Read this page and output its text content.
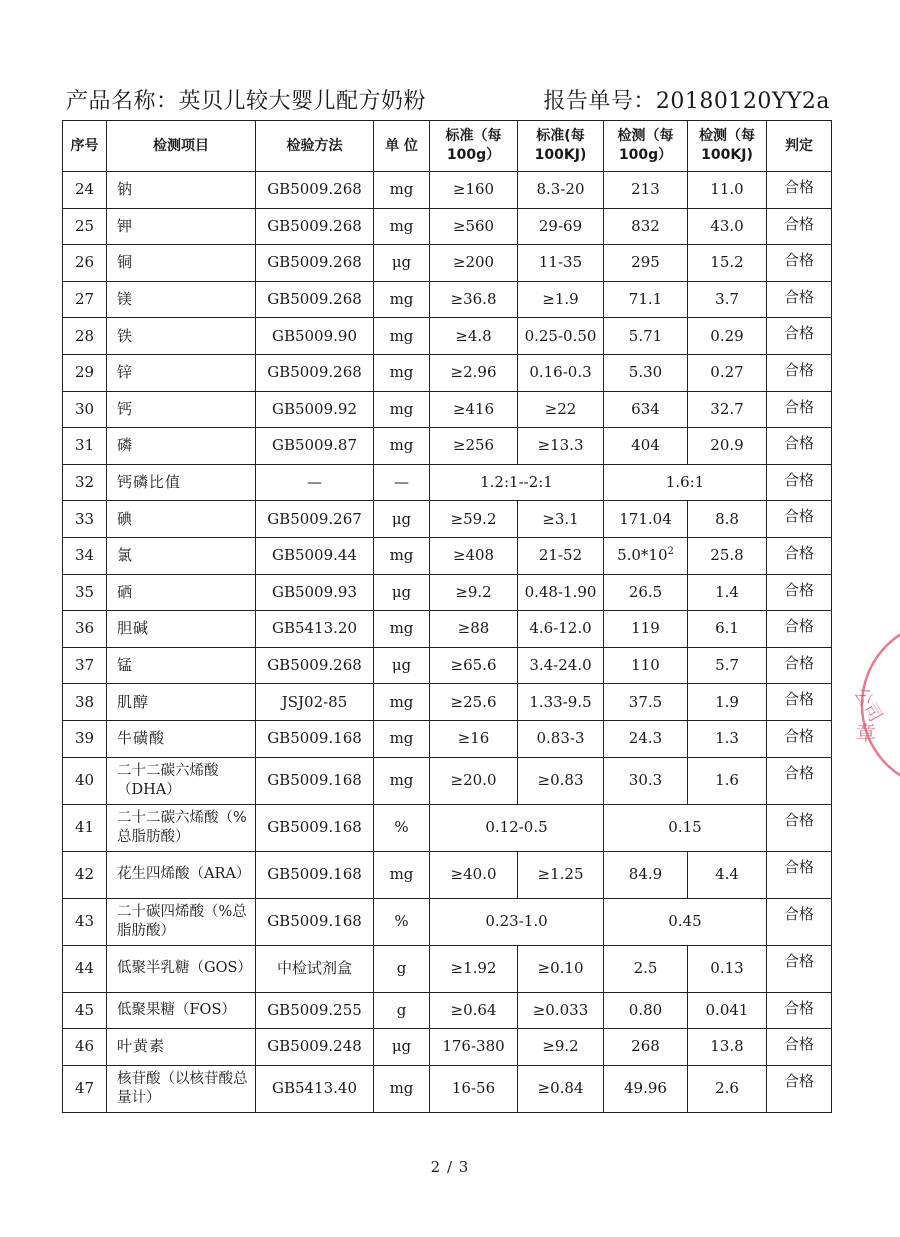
产品名称：英贝儿较大婴儿配方奶粉	报告单号：20180120YY2a
序号	检测项目	检验方法	单 位	标准（每100g）	标准(每100KJ)	检测（每100g）	检测（每100KJ)	判定
24	钠	GB5009.268	mg	≥160	8.3-20	213	11.0	合格
25	钾	GB5009.268	mg	≥560	29-69	832	43.0	合格
26	铜	GB5009.268	μg	≥200	11-35	295	15.2	合格
27	镁	GB5009.268	mg	≥36.8	≥1.9	71.1	3.7	合格
28	铁	GB5009.90	mg	≥4.8	0.25-0.50	5.71	0.29	合格
29	锌	GB5009.268	mg	≥2.96	0.16-0.3	5.30	0.27	合格
30	钙	GB5009.92	mg	≥416	≥22	634	32.7	合格
31	磷	GB5009.87	mg	≥256	≥13.3	404	20.9	合格
32	钙磷比值	—	—	1.2:1--2:1		1.6:1		合格
33	碘	GB5009.267	μg	≥59.2	≥3.1	171.04	8.8	合格
34	氯	GB5009.44	mg	≥408	21-52	$5.0*10^2$	25.8	合格
35	硒	GB5009.93	μg	≥9.2	0.48-1.90	26.5	1.4	合格
36	胆碱	GB5413.20	mg	≥88	4.6-12.0	119	6.1	合格
37	锰	GB5009.268	μg	≥65.6	3.4-24.0	110	5.7	合格
38	肌醇	JSJ02-85	mg	≥25.6	1.33-9.5	37.5	1.9	合格
39	牛磺酸	GB5009.168	mg	≥16	0.83-3	24.3	1.3	合格
40	二十二碳六烯酸（DHA）	GB5009.168	mg	≥20.0	≥0.83	30.3	1.6	合格
41	二十二碳六烯酸（%总脂肪酸）	GB5009.168	%	0.12-0.5		0.15		合格
42	花生四烯酸（ARA）	GB5009.168	mg	≥40.0	≥1.25	84.9	4.4	合格
43	二十碳四烯酸（%总脂肪酸）	GB5009.168	%	0.23-1.0		0.45		合格
44	低聚半乳糖（GOS）	中检试剂盒	g	≥1.92	≥0.10	2.5	0.13	合格
45	低聚果糖（FOS）	GB5009.255	g	≥0.64	≥0.033	0.80	0.041	合格
46	叶黄素	GB5009.248	μg	176-380	≥9.2	268	13.8	合格
47	核苷酸（以核苷酸总量计）	GB5413.40	mg	16-56	≥0.84	49.96	2.6	合格
2 / 3
公司
章
